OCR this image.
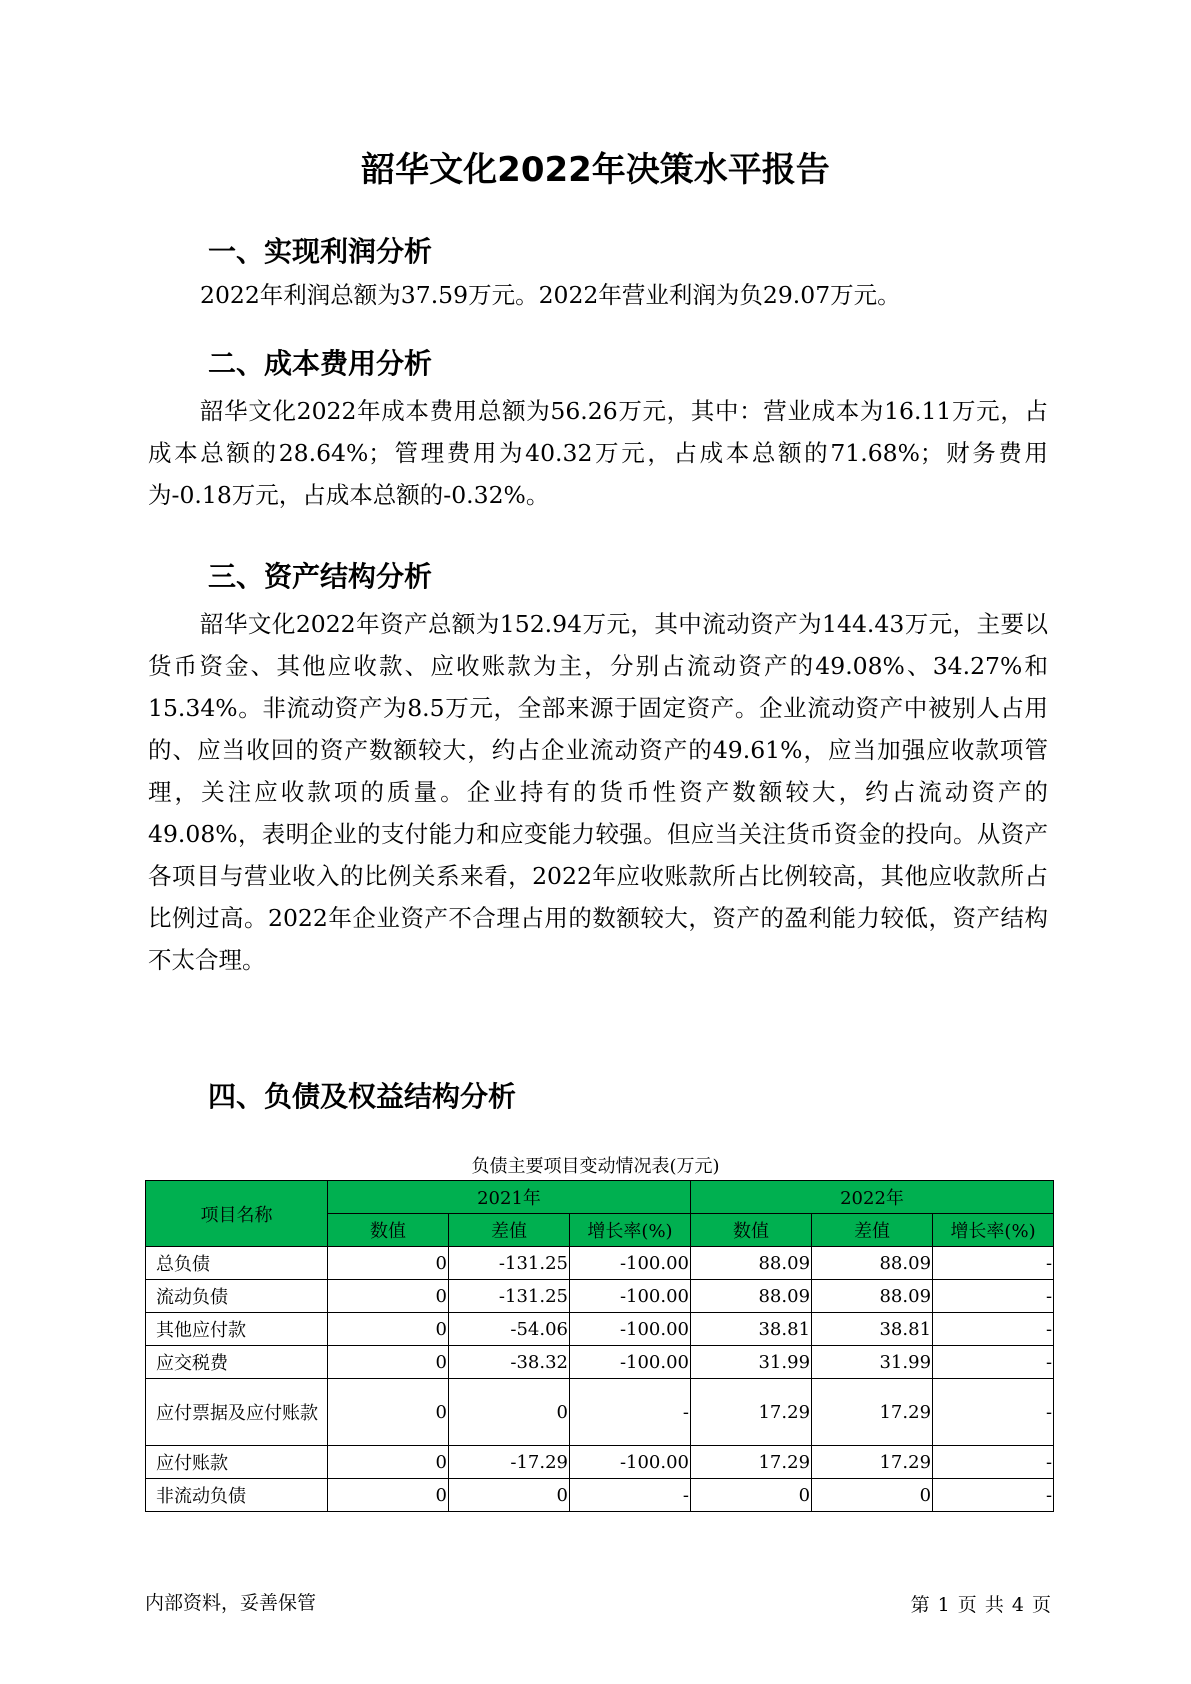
韶华文化2022年决策水平报告
一、实现利润分析
2022年利润总额为37.59万元。2022年营业利润为负29.07万元。
二、成本费用分析
韶华文化2022年成本费用总额为56.26万元，其中：营业成本为16.11万元，占成本总额的28.64%；管理费用为40.32万元，占成本总额的71.68%；财务费用为-0.18万元，占成本总额的-0.32%。
三、资产结构分析
韶华文化2022年资产总额为152.94万元，其中流动资产为144.43万元，主要以货币资金、其他应收款、应收账款为主，分别占流动资产的49.08%、34.27%和15.34%。非流动资产为8.5万元，全部来源于固定资产。企业流动资产中被别人占用的、应当收回的资产数额较大，约占企业流动资产的49.61%，应当加强应收款项管理，关注应收款项的质量。企业持有的货币性资产数额较大，约占流动资产的49.08%，表明企业的支付能力和应变能力较强。但应当关注货币资金的投向。从资产各项目与营业收入的比例关系来看，2022年应收账款所占比例较高，其他应收款所占比例过高。2022年企业资产不合理占用的数额较大，资产的盈利能力较低，资产结构不太合理。
四、负债及权益结构分析
负债主要项目变动情况表(万元)
项目名称	2021年			2022年		
	数值	差值	增长率(%)	数值	差值	增长率(%)
总负债	0	-131.25	-100.00	88.09	88.09	-
流动负债	0	-131.25	-100.00	88.09	88.09	-
其他应付款	0	-54.06	-100.00	38.81	38.81	-
应交税费	0	-38.32	-100.00	31.99	31.99	-
应付票据及应付账款	0	0	-	17.29	17.29	-
应付账款	0	-17.29	-100.00	17.29	17.29	-
非流动负债	0	0	-	0	0	-
内部资料，妥善保管	第 1 页 共 4 页
